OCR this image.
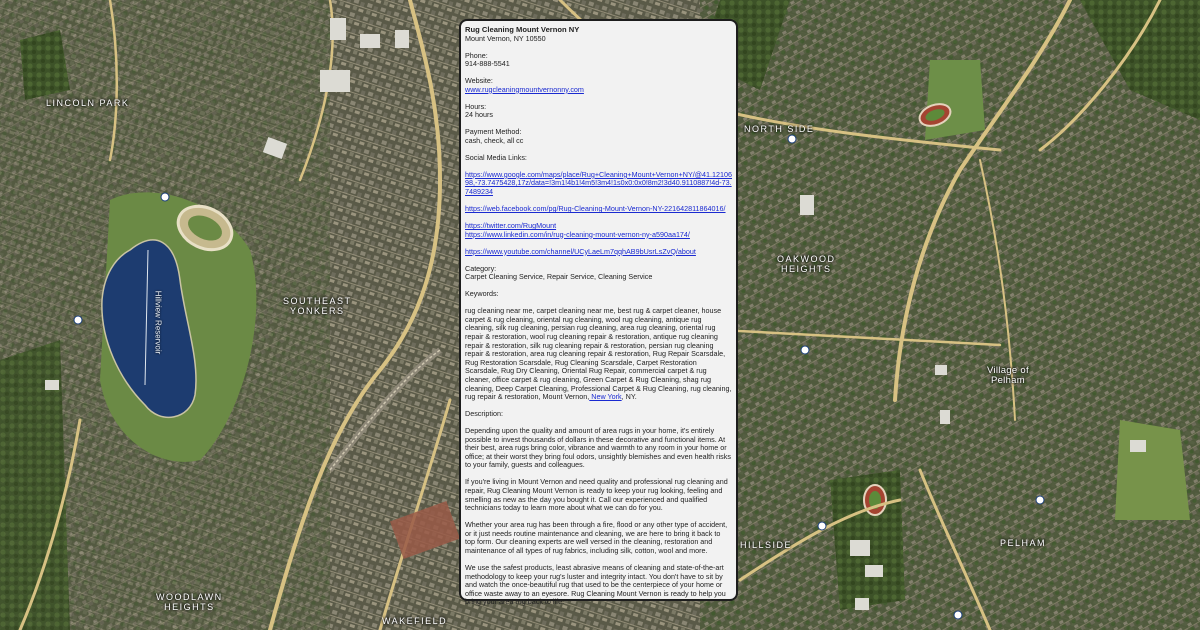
LINCOLN PARK
SOUTHEAST
YONKERS
NORTH SIDE
OAKWOOD
HEIGHTS
Village of
Pelham
PELHAM
WOODLAWN
HEIGHTS
WAKEFIELD
HILLSIDE
Hillview Reservoir

Rug Cleaning Mount Vernon NY

Mount Vernon, NY 10550

Phone:

914-888-5541

Website:

www.rugcleaningmountvernonny.com

Hours:

24 hours

Payment Method:

cash, check, all cc

Social Media Links:

https://www.google.com/maps/place/Rug+Cleaning+Mount+Vernon+NY/@41.1210698,-73.7475428,17z/data=!3m1!4b1!4m5!3m4!1s0x0:0x0!8m2!3d40.9110887!4d-73.7489234

https://web.facebook.com/pg/Rug-Cleaning-Mount-Vernon-NY-221642811864016/

https://twitter.com/RugMount

https://www.linkedin.com/in/rug-cleaning-mount-vernon-ny-a590aa174/

https://www.youtube.com/channel/UCyLaeLm7qqhAB9bUsrLsZvQ/about

Category:

Carpet Cleaning Service, Repair Service, Cleaning Service

Keywords:

rug cleaning near me, carpet cleaning near me, best rug & carpet cleaner, house carpet & rug cleaning, oriental rug cleaning, wool rug cleaning, antique rug cleaning, silk rug cleaning, persian rug cleaning, area rug cleaning, oriental rug repair & restoration, wool rug cleaning repair & restoration, antique rug cleaning repair & restoration, silk rug cleaning repair & restoration, persian rug cleaning repair & restoration, area rug cleaning repair & restoration, Rug Repair Scarsdale, Rug Restoration Scarsdale, Rug Cleaning Scarsdale, Carpet Restoration Scarsdale, Rug Dry Cleaning, Oriental Rug Repair, commercial carpet & rug cleaner, office carpet & rug cleaning, Green Carpet & Rug Cleaning, shag rug cleaning, Deep Carpet Cleaning, Professional Carpet & Rug Cleaning, rug cleaning, rug repair & restoration, Mount Vernon, New York, NY.

Description:

Depending upon the quality and amount of area rugs in your home, it's entirely possible to invest thousands of dollars in these decorative and functional items. At their best, area rugs bring color, vibrance and warmth to any room in your home or office; at their worst they bring foul odors, unsightly blemishes and even health risks to your family, guests and colleagues.

If you're living in Mount Vernon and need quality and professional rug cleaning and repair, Rug Cleaning Mount Vernon is ready to keep your rug looking, feeling and smelling as new as the day you bought it. Call our experienced and qualified technicians today to learn more about what we can do for you.

Whether your area rug has been through a fire, flood or any other type of accident, or it just needs routine maintenance and cleaning, we are here to bring it back to top form. Our cleaning experts are well versed in the cleaning, restoration and maintenance of all types of rug fabrics, including silk, cotton, wool and more.

We use the safest products, least abrasive means of cleaning and state-of-the-art methodology to keep your rug's luster and integrity intact. You don't have to sit by and watch the once-beautiful rug that used to be the centerpiece of your home or office waste away to an eyesore. Rug Cleaning Mount Vernon is ready to help you bring your area rug back to life.
